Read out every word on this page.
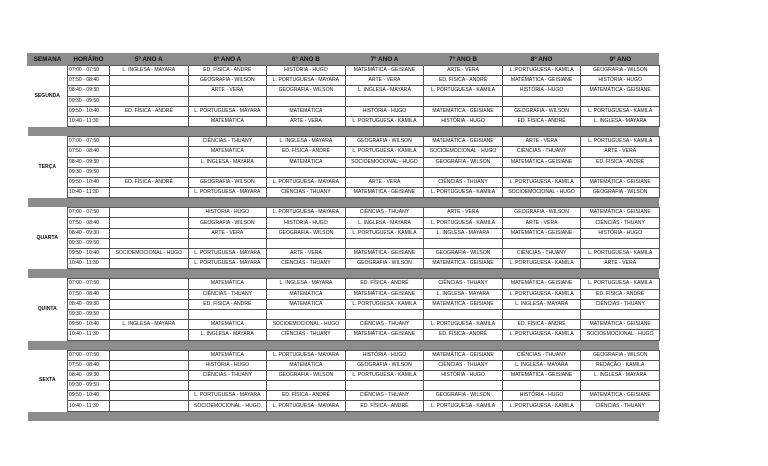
SEMANA	HORÁRIO	5º ANO A	6º ANO A	6º ANO B	7º ANO A	7º ANO B	8º ANO	9º ANO
SEGUNDA	07:00 - 07:50	L. INGLESA - MAYARA	ED. FÍSICA - ANDRÉ	HISTÓRIA - HUGO	MATEMÁTICA - GEISIANE	ARTE - VERA	L. PORTUGUESA - KAMILA	GEOGRAFIA - WILSON
	07:50 - 08:40		GEOGRAFIA - WILSON	L. PORTUGUESA - MAYARA	ARTE - VERA	ED. FÍSICA - ANDRÉ	MATEMÁTICA - GEISIANE	HISTÓRIA - HUGO
	08:40 - 09:30		ARTE - VERA	GEOGRAFIA - WILSON	L. INGLESA - MAYARA	L. PORTUGUESA - KAMILA	HISTÓRIA - HUGO	MATEMÁTICA - GEISIANE
	09:30 - 09:50							
	09:50 - 10:40	ED. FÍSICA - ANDRÉ	L. PORTUGUESA - MAYARA	MATEMÁTICA	HISTÓRIA - HUGO	MATEMÁTICA - GEISIANE	GEOGRAFIA - WILSON	L. PORTUGUESA - KAMILA
	10:40 - 11:30		MATEMÁTICA	ARTE - VERA	L. PORTUGUESA - KAMILA	HISTÓRIA - HUGO	ED. FÍSICA - ANDRÉ	L. INGLESA - MAYARA

TERÇA	07:00 - 07:50		CIÊNCIAS - THUANY	L. INGLESA - MAYARA	GEOGRAFIA - WILSON	MATEMÁTICA - GEISIANE	ARTE - VERA	L. PORTUGUESA - KAMILA
	07:50 - 08:40		MATEMÁTICA	ED. FÍSICA - ANDRÉ	L. PORTUGUESA - KAMILA	SOCIOEMOCIONAL - HUGO	CIÊNCIAS - THUANY	ARTE - VERA
	08:40 - 09:30		L. INGLESA - MAYARA	MATEMÁTICA	SOCIOEMOCIONAL - HUGO	GEOGRAFIA - WILSON	MATEMÁTICA - GEISIANE	ED. FÍSICA - ANDRÉ
	09:30 - 09:50							
	09:50 - 10:40	ED. FÍSICA - ANDRÉ	GEOGRAFIA - WILSON	L. PORTUGUESA - MAYARA	ARTE - VERA	CIÊNCIAS - THUANY	L. PORTUGUESA - KAMILA	MATEMÁTICA - GEISIANE
	10:40 - 11:30		L. PORTUGUESA - MAYARA	CIÊNCIAS - THUANY	MATEMÁTICA - GEISIANE	L. PORTUGUESA - KAMILA	SOCIOEMOCIONAL - HUGO	GEOGRAFIA - WILSON

QUARTA	07:00 - 07:50		HISTÓRIA - HUGO	L. PORTUGUESA - MAYARA	CIÊNCIAS - THUANY	ARTE - VERA	GEOGRAFIA - WILSON	MATEMÁTICA - GEISIANE
	07:50 - 08:40		GEOGRAFIA - WILSON	HISTÓRIA - HUGO	L. INGLESA - MAYARA	L. PORTUGUESA - KAMILA	ARTE - VERA	CIÊNCIAS - THUANY
	08:40 - 09:30		ARTE - VERA	GEOGRAFIA - WILSON	L. PORTUGUESA - KAMILA	L. INGLESA - MAYARA	MATEMÁTICA - GEISIANE	HISTÓRIA - HUGO
	09:30 - 09:50							
	09:50 - 10:40	SOCIOEMOCIONAL - HUGO	L. PORTUGUESA - MAYARA	ARTE - VERA	MATEMÁTICA - GEISIANE	GEOGRAFIA - WILSON	CIÊNCIAS - THUANY	L. PORTUGUESA - KAMILA
	10:40 - 11:30		L. PORTUGUESA - MAYARA	CIÊNCIAS - THUANY	GEOGRAFIA - WILSON	MATEMÁTICA - GEISIANE	L. PORTUGUESA - KAMILA	ARTE - VERA

QUINTA	07:00 - 07:50		MATEMÁTICA	L. INGLESA - MAYARA	ED. FÍSICA - ANDRÉ	CIÊNCIAS - THUANY	MATEMÁTICA - GEISIANE	L. PORTUGUESA - KAMILA
	07:50 - 08:40		CIÊNCIAS - THUANY	MATEMÁTICA	MATEMÁTICA - GEISIANE	L. INGLESA - MAYARA	L. PORTUGUESA - KAMILA	ED. FÍSICA - ANDRÉ
	08:40 - 09:30		ED. FÍSICA - ANDRÉ	MATEMÁTICA	L. PORTUGUESA - KAMILA	MATEMÁTICA - GEISIANE	L. INGLESA - MAYARA	CIÊNCIAS - THUANY
	09:30 - 09:50							
	09:50 - 10:40	L. INGLESA - MAYARA	MATEMÁTICA	SOCIOEMOCIONAL - HUGO	CIÊNCIAS - THUANY	L. PORTUGUESA - KAMILA	ED. FÍSICA - ANDRÉ	MATEMÁTICA - GEISIANE
	10:40 - 11:30		L. INGLESA - MAYARA	CIÊNCIAS - THUANY	MATEMÁTICA - GEISIANE	ED. FÍSICA - ANDRÉ	L. PORTUGUESA - KAMILA	SOCIOEMOCIONAL - HUGO

SEXTA	07:00 - 07:50		MATEMÁTICA	L. PORTUGUESA - MAYARA	HISTÓRIA - HUGO	MATEMÁTICA - GEISIANE	CIÊNCIAS - THUANY	GEOGRAFIA - WILSON
	07:50 - 08:40		HISTÓRIA - HUGO	MATEMÁTICA	GEOGRAFIA - WILSON	CIÊNCIAS - THUANY	L. INGLESA - MAYARA	REDAÇÃO - KAMILA
	08:40 - 09:30		CIÊNCIAS - THUANY	GEOGRAFIA - WILSON	L. PORTUGUESA - KAMILA	HISTÓRIA - HUGO	MATEMÁTICA - GEISIANE	L. INGLESA - MAYARA
	09:30 - 09:50							
	09:50 - 10:40		L. PORTUGUESA - MAYARA	ED. FÍSICA - ANDRÉ	CIÊNCIAS - THUANY	GEOGRAFIA - WILSON	HISTÓRIA - HUGO	MATEMÁTICA - GEISIANE
	10:40 - 11:30		SOCIOEMOCIONAL - HUGO	L. PORTUGUESA - MAYARA	ED. FÍSICA - ANDRÉ	L. PORTUGUESA - KAMILA	L. PORTUGUESA - KAMILA	CIÊNCIAS - THUANY
